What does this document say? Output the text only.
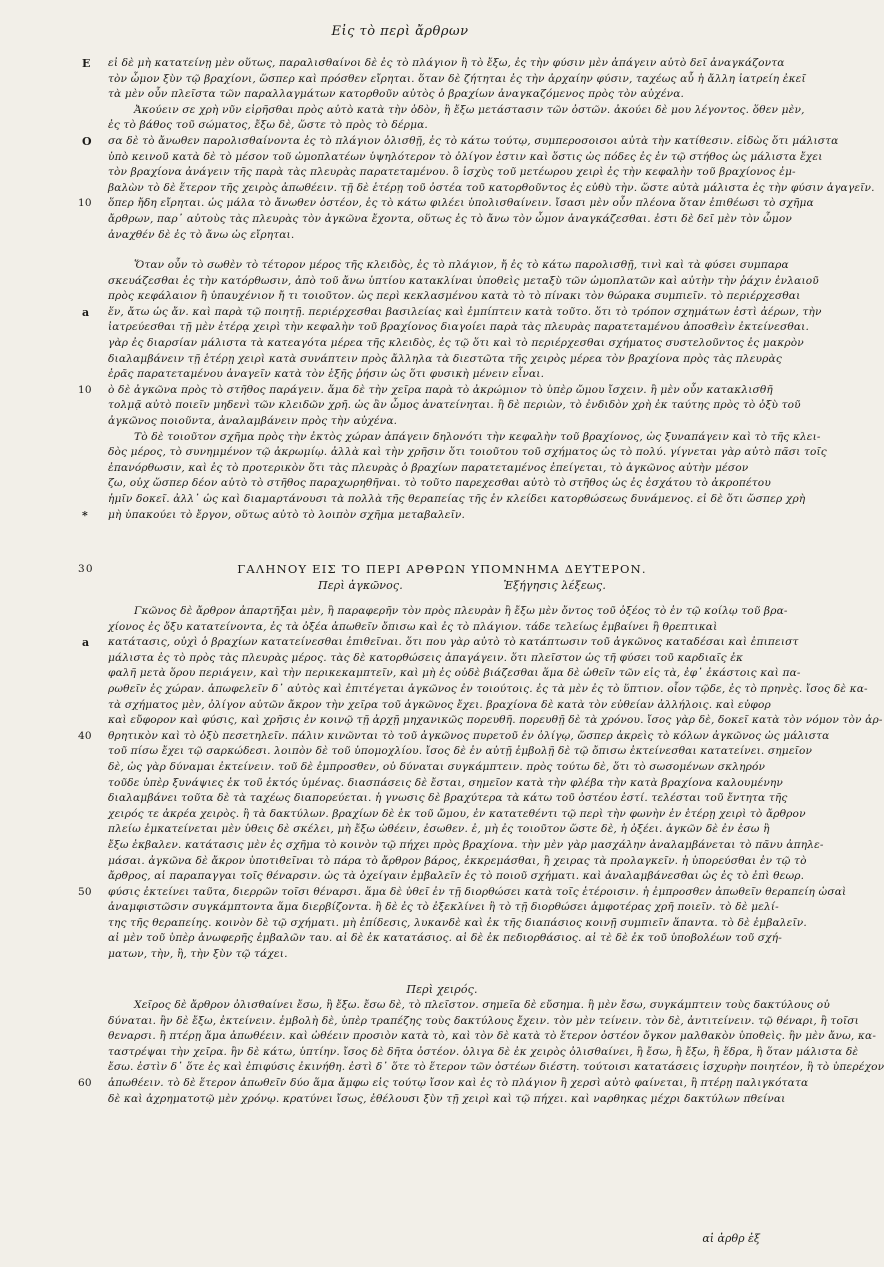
Εἰς τὸ περὶ ἄρθρων
E εἰ δὲ μὴ κατατείνῃ μὲν οὕτως, παραλισθαίνοι δὲ ἐς τὸ πλάγιον ἢ τὸ ἔξω, ἐς τὴν φύσιν μὲν ἀπάγειν αὐτὸ δεῖ ἀναγκάζοντα
τὸν ὦμον ξὺν τῷ βραχίονι, ὥσπερ καὶ πρόσθεν εἴρηται. ὅταν δὲ ζήτηται ἐς τὴν ἀρχαίην φύσιν, ταχέως αὖ ἡ ἄλλη ἰατρείη ἐκεῖ
τὰ μὲν οὖν πλεῖστα τῶν παραλλαγμάτων κατορθοῦν αὐτὸς ὁ βραχίων ἀναγκαζόμενος πρὸς τὸν αὐχένα.
Ἀκούειν σε χρὴ νῦν εἰρῆσθαι πρὸς αὐτὸ κατὰ τὴν ὁδὸν, ἢ ἔξω μετάστασιν τῶν ὀστῶν. ἀκούει δὲ μου λέγοντος. ὅθεν μὲν,
ἐς τὸ βάθος τοῦ σώματος, ἔξω δὲ, ὥστε τὸ πρὸς τὸ δέρμα.
O σα δὲ τὸ ἄνωθεν παρολισθαίνοντα ἐς τὸ πλάγιον ὀλισθῇ, ἐς τὸ κάτω τούτῳ, συμπεροσοισοι αὐτὰ τὴν κατίθεσιν. εἰδὼς ὅτι μάλιστα
ὑπὸ κεινοῦ κατὰ δὲ τὸ μέσον τοῦ ὠμοπλατέων ὑψηλότερον τὸ ὀλίγον ἐστιν καὶ ὅστις ὡς πόδες ἐς ἐν τῷ στήθος ὡς μάλιστα ἔχει
τὸν βραχίονα ἀνάγειν τῆς παρὰ τὰς πλευρὰς παρατεταμένου. ὃ ἰσχὺς τοῦ μετέωρου χειρὶ ἐς τὴν κεφαλὴν τοῦ βραχίονος ἐμ-
βαλὼν τὸ δὲ ἕτερον τῆς χειρὸς ἀπωθέειν. τῇ δὲ ἑτέρῃ τοῦ ὀστέα τοῦ κατορθοῦντος ἐς εὐθὺ τὴν. ὥστε αὐτὰ μάλιστα ἐς τὴν φύσιν ἀγαγεῖν.
10 ὅπερ ἤδη εἴρηται. ὡς μάλα τὸ ἄνωθεν ὀστέον, ἐς τὸ κάτω φιλέει ὑπολισθαίνειν. ἴσασι μὲν οὖν πλέονα ὅταν ἐπιθέωσι τὸ σχῆμα
ἄρθρων, παρ᾽ αὐτοὺς τὰς πλευρὰς τὸν ἀγκῶνα ἔχοντα, οὕτως ἐς τὸ ἄνω τὸν ὦμον ἀναγκάζεσθαι. ἐστι δὲ δεῖ μὲν τὸν ὦμον
ἀναχθέν δὲ ἐς τὸ ἄνω ὡς εἴρηται.
Ὅταν οὖν τὸ σωθὲν τὸ τέτορον μέρος τῆς κλειδὸς, ἐς τὸ πλάγιον, ἤ ἐς τὸ κάτω παρολισθῇ, τινὶ καὶ τὰ φύσει συμπαρα
σκευάζεσθαι ἐς τὴν κατόρθωσιν, ἀπὸ τοῦ ἄνω ὑπτίου κατακλίναι ὑποθεὶς μεταξὺ τῶν ὠμοπλατῶν καὶ αὐτὴν τὴν ῥάχιν ἐνλαιοῦ
πρὸς κεφάλαιον ἢ ὑπαυχένιον ἤ τι τοιοῦτον. ὡς περὶ κεκλασμένου κατὰ τὸ τὸ πίνακι τὸν θώρακα συμπιεῖν. τὸ περιέρχεσθαι
a ἕν, ἄτω ὡς ἄν. καὶ παρὰ τῷ ποιητῇ. περιέρχεσθαι βασιλείας καὶ ἐμπίπτειν κατὰ τοῦτο. ὅτι τὸ τρόπον σχημάτων ἐστὶ ἀέρων, τὴν
ἰατρεύεσθαι τῇ μὲν ἑτέρᾳ χειρὶ τὴν κεφαλὴν τοῦ βραχίονος διαγοίει παρὰ τὰς πλευρὰς παρατεταμένου ἀποσθεὶν ἐκτείνεσθαι.
γὰρ ἐς διαρσίαν μάλιστα τὰ κατεαγότα μέρεα τῆς κλειδὸς, ἐς τῷ ὅτι καὶ τὸ περιέρχεσθαι σχήματος συστελοῦντος ἐς μακρὸν
διαλαμβάνειν τῇ ἑτέρῃ χειρὶ κατὰ συνάπτειν πρὸς ἄλληλα τὰ διεστῶτα τῆς χειρὸς μέρεα τὸν βραχίονα πρὸς τὰς πλευρὰς
ἐρᾶς παρατεταμένου ἀναγεῖν κατὰ τὸν ἑξῆς ῥήσιν ὡς ὅτι φυσικὴ μένειν εἶναι.
10 ὸ δὲ ἀγκῶνα πρὸς τὸ στῆθος παράγειν. ἅμα δὲ τὴν χεῖρα παρὰ τὸ ἀκρώμιον τὸ ὑπὲρ ὤμου ἴσχειν. ἢ μὲν οὖν κατακλισθῆ
τολμᾷ αὐτὸ ποιεῖν μηδενὶ τῶν κλειδῶν χρῆ. ὡς ἂν ὦμος ἀνατείνηται. ἢ δὲ περιὼν, τὸ ἐνδιδὸν χρὴ ἐκ ταύτης πρὸς τὸ ὀξὺ τοῦ
ἀγκῶνος ποιοῦντα, ἀναλαμβάνειν πρὸς τὴν αὐχένα.
Τὸ δὲ τοιοῦτον σχῆμα πρὸς τὴν ἐκτὸς χώραν ἀπάγειν δηλονότι τὴν κεφαλὴν τοῦ βραχίονος, ὡς ξυναπάγειν καὶ τὸ τῆς κλει-
δὸς μέρος, τὸ συνημμένον τῷ ἀκρωμίῳ. ἀλλὰ καὶ τὴν χρῆσιν ὅτι τοιοῦτου τοῦ σχήματος ὡς τὸ πολύ. γίγνεται γὰρ αὐτὸ πᾶσι τοῖς
ἐπανόρθωσιν, καὶ ἐς τὸ προτερικὸν ὅτι τὰς πλευρὰς ὁ βραχίων παρατεταμένος ἐπείγεται, τὸ ἀγκῶνος αὐτὴν μέσον
ζω, οὐχ ὥσπερ δέον αὐτὸ τὸ στῆθος παραχωρηθῆναι. τὸ τοῦτο παρεχεσθαι αὐτὸ τὸ στῆθος ὡς ἐς ἐσχάτου τὸ ἀκροπέτου
ἡμῖν δοκεῖ. ἀλλ᾽ ὡς καὶ διαμαρτάνουσι τὰ πολλὰ τῆς θεραπείας τῆς ἐν κλείδει κατορθώσεως δυνάμενος. εἰ δὲ ὅτι ὥσπερ χρὴ
* μὴ ὑπακούει τὸ ἔργον, οὕτως αὐτὸ τὸ λοιπὸν σχῆμα μεταβαλεῖν.
30	ΓΑΛΗΝΟΥ ΕΙΣ ΤΟ ΠΕΡΙ ΑΡΘΡΩΝ ΥΠΟΜΝΗΜΑ ΔΕΥΤΕΡΟΝ.
Περὶ ἀγκῶνος.	Ἐξήγησις λέξεως.
Γκῶνος δὲ ἄρθρον ἀπαρτῆξαι μὲν, ἢ παραφερῆν τὸν πρὸς πλευρὰν ἢ ἔξω μὲν ὄντος τοῦ ὀξέος τὸ ἐν τῷ κοίλῳ τοῦ βρα-
χίονος ἐς ὄξυ κατατείνοντα, ἐς τὰ ὀξέα ἀπωθεῖν ὄπισω καὶ ἐς τὸ πλάγιον. τάδε τελείως ἐμβαίνει ἢ θρεπτικαὶ
a κατάτασις, οὐχὶ ὁ βραχίων κατατείνεσθαι ἐπιθεῖναι. ὅτι που γὰρ αὐτὸ τὸ κατάπτωσιν τοῦ ἀγκῶνος καταδέσαι καὶ ἐπιπειστ
μάλιστα ἐς τὸ πρὸς τὰς πλευρὰς μέρος. τὰς δὲ κατορθώσεις ἀπαγάγειν. ὅτι πλεῖστον ὡς τῆ φύσει τοῦ καρδιαῖς ἐκ
φαλῆ μετὰ ὅρου περιάγειν, καὶ τὴν περικεκαμπτεῖν, καὶ μὴ ἐς οὐδὲ βιάζεσθαι ἅμα δὲ ὠθεῖν τῶν εἰς τὰ, ἐφ᾽ ἐκάστοις καὶ πα-
ρωθεῖν ἐς χώραν. ἀπωφελεῖν δ᾽ αὐτὸς καὶ ἐπιτέγεται ἀγκῶνος ἐν τοιούτοις. ἐς τὰ μὲν ἐς τὸ ὕπτιον. οἷον τῷδε, ἐς τὸ πρηνὲς. ἴσος δὲ κα-
τὰ σχήματος μὲν, ὀλίγον αὐτῶν ἄκρον τὴν χεῖρα τοῦ ἀγκῶνος ἔχει. βραχίονα δὲ κατὰ τὸν εὐθείαν ἀλλήλοις. καὶ εὐφορ
καὶ εὔφορον καὶ φύσις, καὶ χρῆσις ἐν κοινῷ τῇ ἀρχῇ μηχανικῶς πορευθῆ. πορευθῇ δὲ τὰ χρόνου. ἴσος γὰρ δὲ, δοκεῖ κατὰ τὸν νόμον τὸν ἀρ-
40 θρητικὸν καὶ τὸ ὀξὺ πεσετηλεῖν. πάλιν κινῶνται τὸ τοῦ ἀγκῶνος πυρετοῦ ἐν ὀλίγῳ, ὥσπερ ἀκρεὶς τὸ κόλων ἀγκῶνος ὡς μάλιστα
τοῦ πίσω ἔχει τῷ σαρκώδεσι. λοιπὸν δὲ τοῦ ὑπομοχλίου. ἴσος δὲ ἐν αὐτῇ ἐμβολῇ δὲ τῷ ὄπισω ἐκτείνεσθαι κατατείνει. σημεῖον
δὲ, ὡς γὰρ δύναμαι ἐκτείνειν. τοῦ δὲ ἐμπροσθεν, οὐ δύναται συγκάμπτειν. πρὸς τούτω δὲ, ὅτι τὸ σωσομένων σκληρόν
τοῦδε ὑπὲρ ξυνάψιες ἐκ τοῦ ἐκτός ὑμένας. διασπάσεις δὲ ἔσται, σημεῖον κατὰ τὴν φλέβα τὴν κατὰ βραχίονα καλουμένην
διαλαμβάνει τοῦτα δὲ τὰ ταχέως διαπορεύεται. ἡ γνωσις δὲ βραχύτερα τὰ κάτω τοῦ ὀστέου ἐστί. τελέσται τοῦ ἔντητα τῆς
χειρός τε ἀκρέα χειρὸς. ἢ τὰ δακτύλων. βραχίων δὲ ἐκ τοῦ ὤμου, ἐν κατατεθέντι τῷ περὶ τὴν φωνὴν ἐν ἑτέρῃ χειρὶ τὸ ἄρθρον
πλείω ἐμκατείνεται μὲν ὑθεις δὲ σκέλει, μὴ ἔξω ὠθέειν, ἐσωθεν. ἐ, μὴ ἐς τοιοῦτον ὥστε δὲ, ἡ ὀξέει. ἀγκῶν δὲ ἐν ἐσω ἢ
ἔξω ἐκβαλεν. κατάτασις μὲν ἐς σχῆμα τὸ κοινὸν τῷ πήχει πρὸς βραχίονα. τὴν μὲν γὰρ μασχάλην ἀναλαμβάνεται τὸ πᾶνυ ἀπηλε-
μάσαι. ἀγκῶνα δὲ ἄκρον ὑποτιθεῖναι τὸ πάρα τὸ ἄρθρον βάρος, ἐκκρεμάσθαι, ἢ χειρας τὰ προλαγκεῖν. ἡ ὑπορεύσθαι ἐν τῷ τὸ
ἄρθρος, αἱ παραπαγγαι τοῖς θέναρσιν. ὡς τὰ ὀχείγαιν ἐμβαλεῖν ἐς τὸ ποιοῦ σχήματι. καὶ ἀναλαμβάνεσθαι ὡς ἐς τὸ ἐπὶ θεωρ.
50 φύσις ἐκτείνει ταῦτα, διερρῶν τοῖσι θέναρσι. ἅμα δὲ ὑθεῖ ἐν τῇ διορθώσει κατὰ τοῖς ἑτέροισιν. ἡ ἐμπροσθεν ἀπωθεῖν θεραπείη ὡσαὶ
ἀναμφιστῶσιν συγκάμπτοντα ἅμα διερβίζοντα. ἢ δὲ ἐς τὸ ἐξεκλίνει ἢ τὸ τῇ διορθώσει ἀμφοτέρας χρῆ ποιεῖν. τὸ δὲ μελί-
της τῆς θεραπείης. κοινὸν δὲ τῷ σχήματι. μὴ ἐπίδεσις, λυκανδὲ καὶ ἐκ τῆς διαπάσιος κοινῇ συμπιεῖν ἅπαντα. τὸ δὲ ἐμβαλεῖν.
αἱ μὲν τοῦ ὑπὲρ ἀνωφερῆς ἐμβαλῶν ταυ. αἱ δὲ ἐκ κατατάσιος. αἱ δὲ ἐκ πεδιορθάσιος. αἱ τὲ δὲ ἐκ τοῦ ὑποβολέων τοῦ σχή-
ματων, τὴν, ἢ, τὴν ξὺν τῷ τάχει.
Περὶ χειρός.
Χεῖρος δὲ ἄρθρον ὀλισθαίνει ἔσω, ἢ ἔξω. ἔσω δὲ, τὸ πλεῖστον. σημεῖα δὲ εὔσημα. ἢ μὲν ἔσω, συγκάμπτειν τοὺς δακτύλους οὐ
δύναται. ἢν δὲ ἔξω, ἐκτείνειν. ἐμβολὴ δὲ, ὑπὲρ τραπέζης τοὺς δακτύλους ἔχειν. τὸν μὲν τείνειν. τὸν δὲ, ἀντιτείνειν. τῷ θέναρι, ἢ τοῖσι
θεναρσι. ἢ πτέρῃ ἅμα ἀπωθέειν. καὶ ὠθέειν προσιὸν κατὰ τὸ, καὶ τὸν δὲ κατὰ τὸ ἕτερον ὀστέον ὄγκον μαλθακὸν ὑποθεὶς. ἢν μὲν ἄνω, κα-
ταστρέψαι τὴν χεῖρα. ἢν δὲ κάτω, ὑπτίην. ἴσος δὲ δῆτα ὀστέον. ὀλιγα δὲ ἐκ χειρὸς ὀλισθαίνει, ἢ ἔσω, ἢ ἔξω, ἢ ἕδρα, ἢ ὅταν μάλιστα δὲ
ἔσω. ἐστὶν δ᾽ ὅτε ἐς καὶ ἐπιφύσις ἐκινήθη. ἐστὶ δ᾽ ὅτε τὸ ἕτερον τῶν ὀστέων διέστη. τούτοισι κατατάσεις ἰσχυρὴν ποιητέον, ἢ τὸ ὑπερέχον
60 ἀπωθέειν. τὸ δὲ ἕτερον ἀπωθεῖν δύο ἅμα ἄμφω εἰς τούτῳ ἴσον καὶ ἐς τὸ πλάγιον ἢ χερσὶ αὐτὸ φαίνεται, ἢ πτέρῃ παλιγκότατα
δὲ καὶ ἀχρηματοτῷ μὲν χρόνῳ. κρατύνει ἴσως, ἐθέλουσι ξὺν τῇ χειρὶ καὶ τῷ πήχει. καὶ ναρθηκας μέχρι δακτύλων πθείναι
αἰ ἀρθρ ἐξ
